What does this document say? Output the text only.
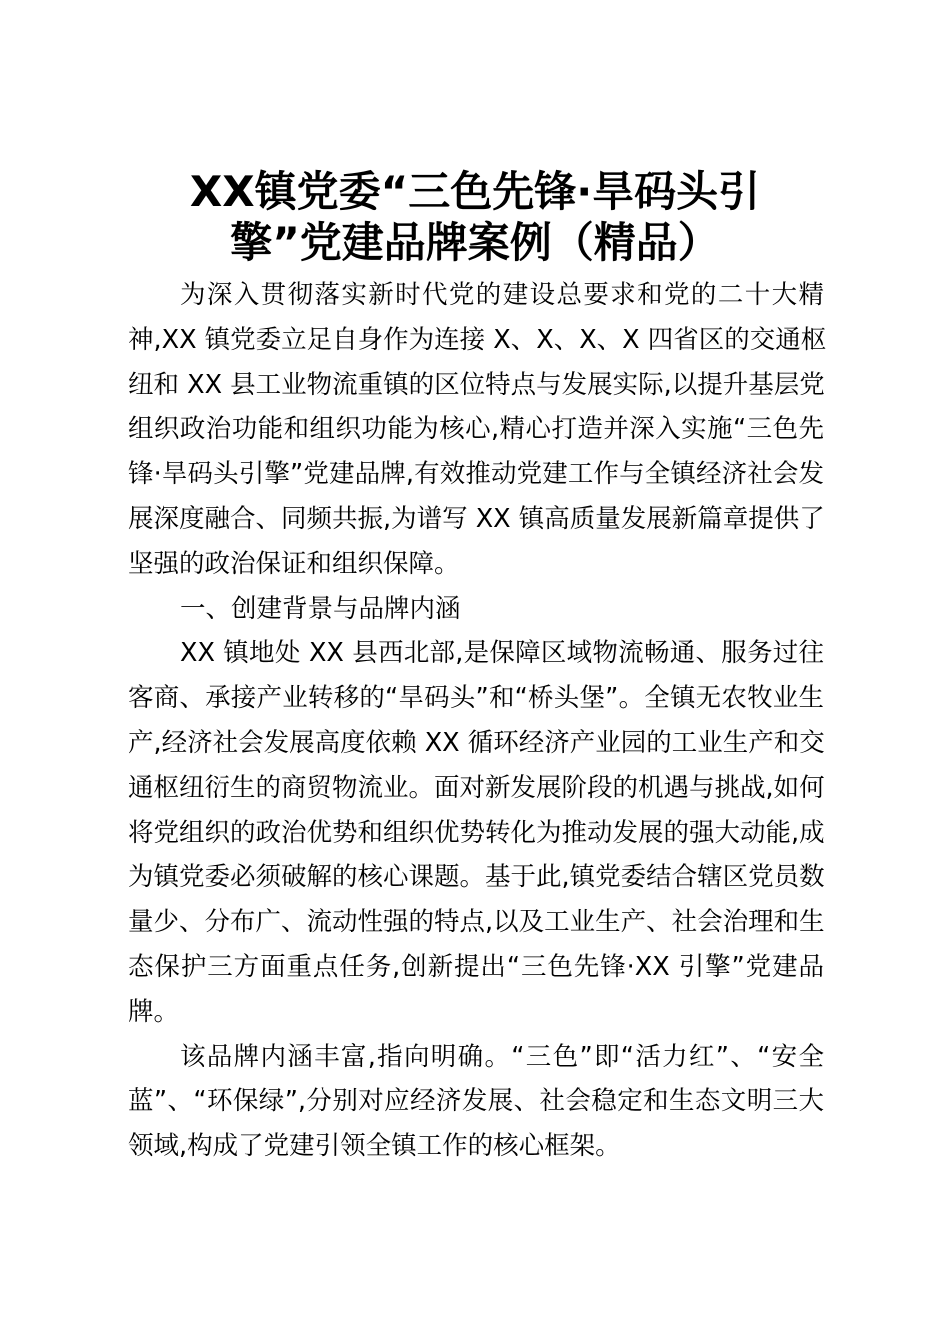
XX镇党委“三色先锋·旱码头引
擎”党建品牌案例（精品）
为深入贯彻落实新时代党的建设总要求和党的二十大精
神,XX 镇党委立足自身作为连接 X、X、X、X 四省区的交通枢
纽和 XX 县工业物流重镇的区位特点与发展实际,以提升基层党
组织政治功能和组织功能为核心,精心打造并深入实施“三色先
锋·旱码头引擎”党建品牌,有效推动党建工作与全镇经济社会发
展深度融合、同频共振,为谱写 XX 镇高质量发展新篇章提供了
坚强的政治保证和组织保障。
一、创建背景与品牌内涵
XX 镇地处 XX 县西北部,是保障区域物流畅通、服务过往
客商、承接产业转移的“旱码头”和“桥头堡”。全镇无农牧业生
产,经济社会发展高度依赖 XX 循环经济产业园的工业生产和交
通枢纽衍生的商贸物流业。面对新发展阶段的机遇与挑战,如何
将党组织的政治优势和组织优势转化为推动发展的强大动能,成
为镇党委必须破解的核心课题。基于此,镇党委结合辖区党员数
量少、分布广、流动性强的特点,以及工业生产、社会治理和生
态保护三方面重点任务,创新提出“三色先锋·XX 引擎”党建品
牌。
该品牌内涵丰富,指向明确。“三色”即“活力红”、“安全
蓝”、“环保绿”,分别对应经济发展、社会稳定和生态文明三大
领域,构成了党建引领全镇工作的核心框架。
